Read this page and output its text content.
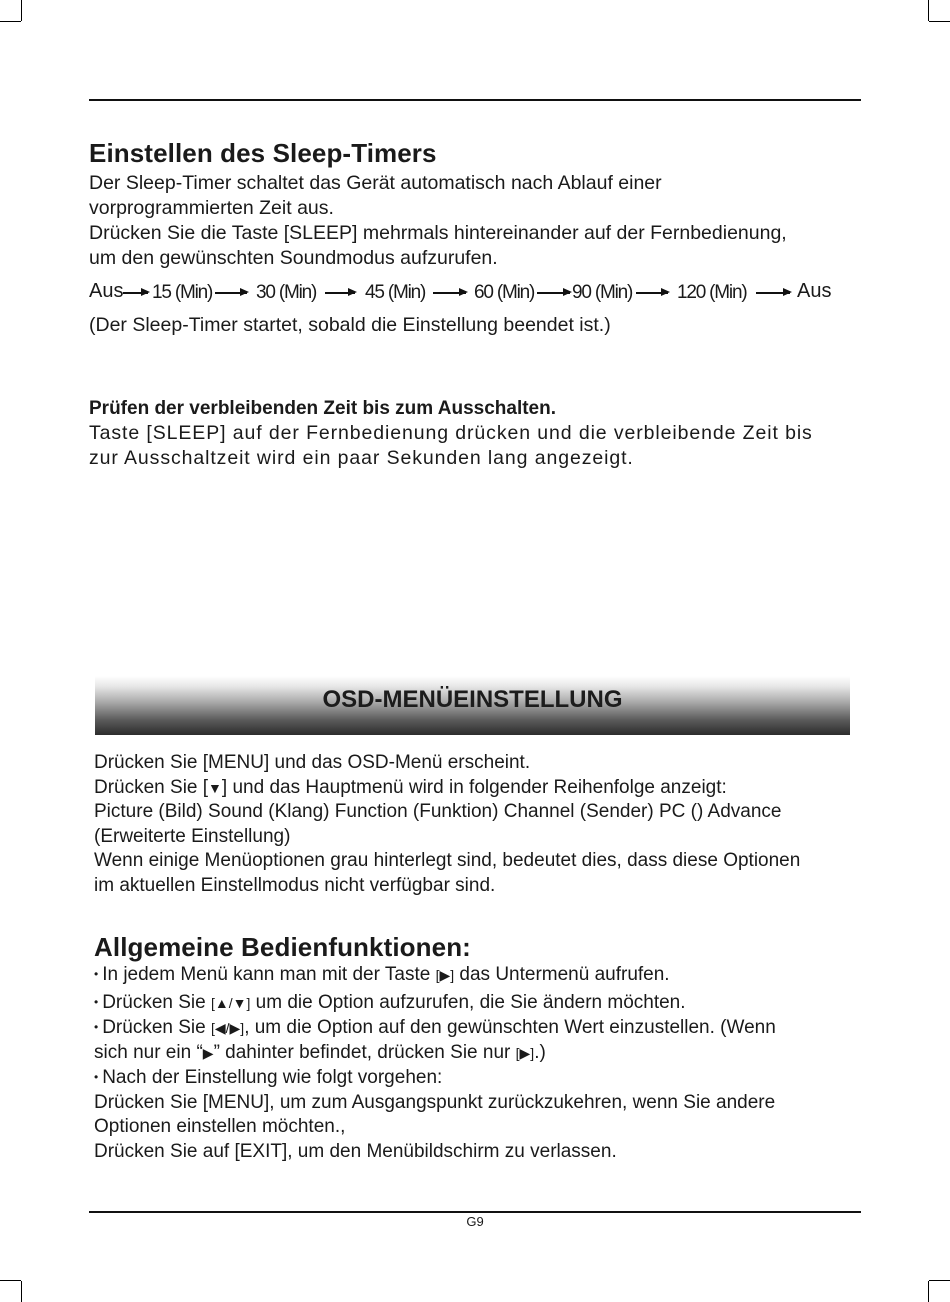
Einstellen des Sleep-Timers
Der Sleep-Timer schaltet das Gerät automatisch nach Ablauf einer
vorprogrammierten Zeit aus.
Drücken Sie die Taste [SLEEP] mehrmals hintereinander auf der Fernbedienung,
um den gewünschten Soundmodus aufzurufen.
Aus 15 (Min) 30 (Min)	45 (Min)	60 (Min) 90 (Min) 120 (Min)	Aus
(Der Sleep-Timer startet, sobald die Einstellung beendet ist.)
Prüfen der verbleibenden Zeit bis zum Ausschalten.
Taste [SLEEP] auf der Fernbedienung drücken und die verbleibende Zeit bis
zur Ausschaltzeit wird ein paar Sekunden lang angezeigt.
OSD-MENÜEINSTELLUNG
Drücken Sie [MENU] und das OSD-Menü erscheint.
Drücken Sie [▼] und das Hauptmenü wird in folgender Reihenfolge anzeigt:
Picture (Bild) Sound (Klang) Function (Funktion) Channel (Sender) PC () Advance
(Erweiterte Einstellung)
Wenn einige Menüoptionen grau hinterlegt sind, bedeutet dies, dass diese Optionen
im aktuellen Einstellmodus nicht verfügbar sind.
Allgemeine Bedienfunktionen:
• In jedem Menü kann man mit der Taste [▶] das Untermenü aufrufen.
• Drücken Sie [▲/▼] um die Option aufzurufen, die Sie ändern möchten.
• Drücken Sie [◀/▶], um die Option auf den gewünschten Wert einzustellen. (Wenn
sich nur ein “▶” dahinter befindet, drücken Sie nur [▶].)
• Nach der Einstellung wie folgt vorgehen:
Drücken Sie [MENU], um zum Ausgangspunkt zurückzukehren, wenn Sie andere
Optionen einstellen möchten.,
Drücken Sie auf [EXIT], um den Menübildschirm zu verlassen.
G9
